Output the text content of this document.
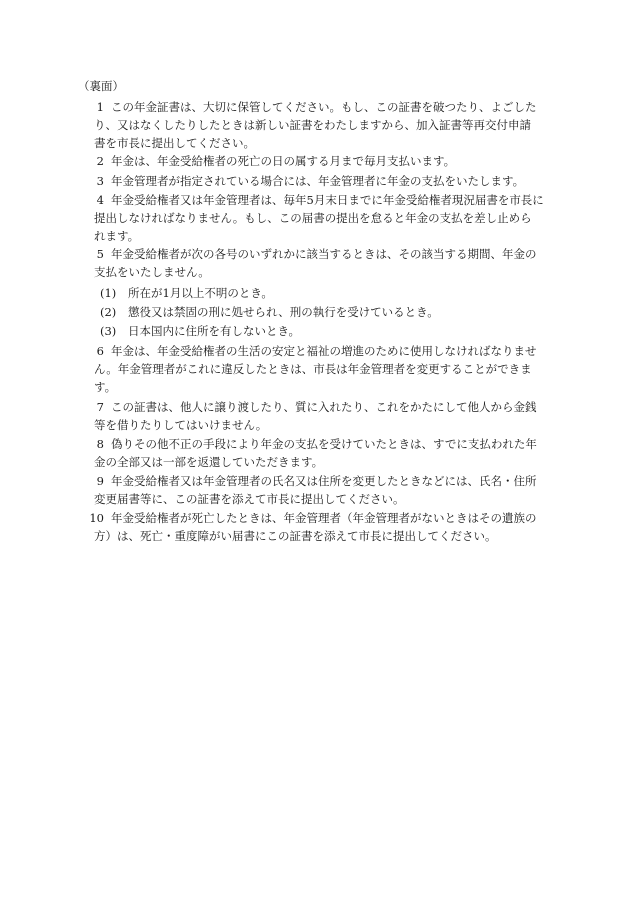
（裏面）

1 この年金証書は、大切に保管してください。もし、この証書を破つたり、よごした
り、又はなくしたりしたときは新しい証書をわたしますから、加入証書等再交付申請
書を市長に提出してください。
2 年金は、年金受給権者の死亡の日の属する月まで毎月支払います。
3 年金管理者が指定されている場合には、年金管理者に年金の支払をいたします。
4 年金受給権者又は年金管理者は、毎年5月末日までに年金受給権者現況届書を市長に
提出しなければなりません。もし、この届書の提出を怠ると年金の支払を差し止めら
れます。
5 年金受給権者が次の各号のいずれかに該当するときは、その該当する期間、年金の
支払をいたしません。

(1) 所在が1月以上不明のとき。

(2) 懲役又は禁固の刑に処せられ、刑の執行を受けているとき。

(3) 日本国内に住所を有しないとき。

6 年金は、年金受給権者の生活の安定と福祉の増進のために使用しなければなりませ
ん。年金管理者がこれに違反したときは、市長は年金管理者を変更することができま
す。
7 この証書は、他人に譲り渡したり、質に入れたり、これをかたにして他人から金銭
等を借りたりしてはいけません。
8 偽りその他不正の手段により年金の支払を受けていたときは、すでに支払われた年
金の全部又は一部を返還していただきます。
9 年金受給権者又は年金管理者の氏名又は住所を変更したときなどには、氏名・住所
変更届書等に、この証書を添えて市長に提出してください。
10 年金受給権者が死亡したときは、年金管理者（年金管理者がないときはその遺族の
方）は、死亡・重度障がい届書にこの証書を添えて市長に提出してください。
